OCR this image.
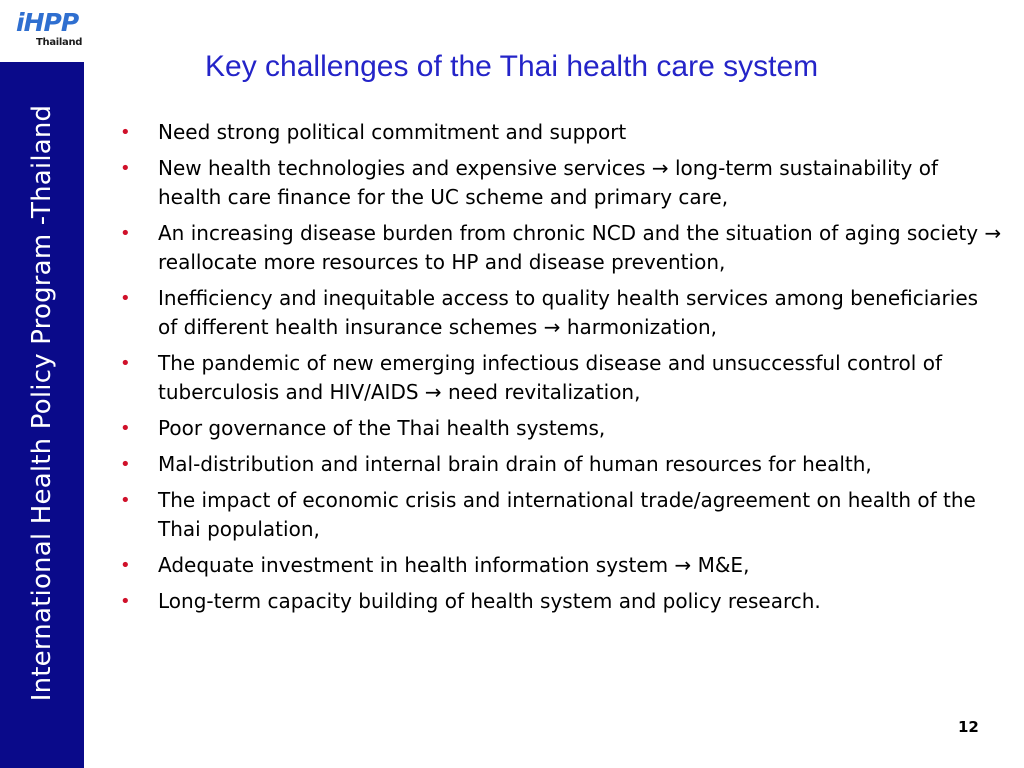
iHPP
Thailand
International Health Policy Program -Thailand
Key challenges of the Thai health care system
• Need strong political commitment and support
• New health technologies and expensive services → long-term sustainability of health care finance for the UC scheme and primary care,
• An increasing disease burden from chronic NCD and the situation of aging society → reallocate more resources to HP and disease prevention,
• Inefficiency and inequitable access to quality health services among beneficiaries of different health insurance schemes → harmonization,
• The pandemic of new emerging infectious disease and unsuccessful control of tuberculosis and HIV/AIDS → need revitalization,
• Poor governance of the Thai health systems,
• Mal-distribution and internal brain drain of human resources for health,
• The impact of economic crisis and international trade/agreement on health of the Thai population,
• Adequate investment in health information system → M&E,
• Long-term capacity building of health system and policy research.
12
